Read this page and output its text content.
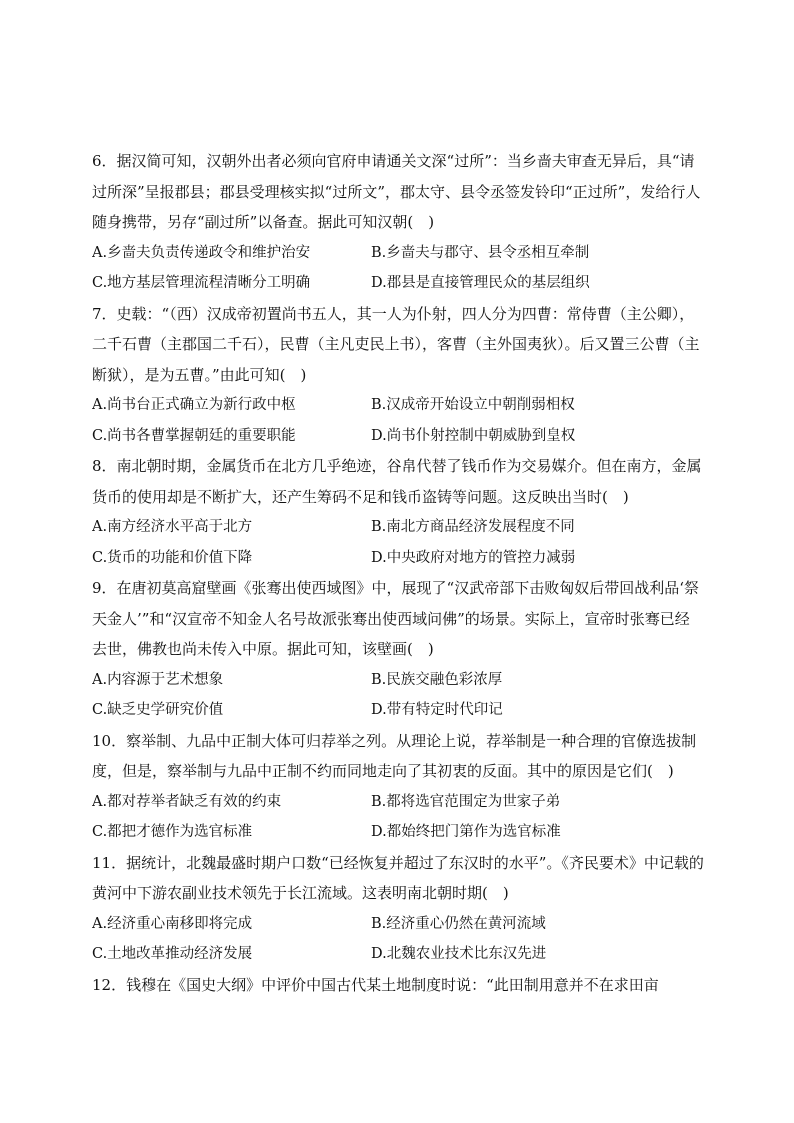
6．据汉简可知，汉朝外出者必须向官府申请通关文深“过所”：当乡啬夫审查无异后，具“请过所深”呈报郡县；郡县受理核实拟“过所文”，郡太守、县令丞签发铃印“正过所”，发给行人随身携带，另存“副过所”以备查。据此可知汉朝(　)

A.乡啬夫负责传递政令和维护治安	B.乡啬夫与郡守、县令丞相互牵制
C.地方基层管理流程清晰分工明确	D.郡县是直接管理民众的基层组织

7．史载：“（西）汉成帝初置尚书五人，其一人为仆射，四人分为四曹：常侍曹（主公卿），二千石曹（主郡国二千石），民曹（主凡吏民上书），客曹（主外国夷狄）。后又置三公曹（主断狱），是为五曹。”由此可知(　)

A.尚书台正式确立为新行政中枢	B.汉成帝开始设立中朝削弱相权
C.尚书各曹掌握朝廷的重要职能	D.尚书仆射控制中朝威胁到皇权

8．南北朝时期，金属货币在北方几乎绝迹，谷帛代替了钱币作为交易媒介。但在南方，金属货币的使用却是不断扩大，还产生筹码不足和钱币盗铸等问题。这反映出当时(　)

A.南方经济水平高于北方	B.南北方商品经济发展程度不同
C.货币的功能和价值下降	D.中央政府对地方的管控力减弱

9．在唐初莫高窟壁画《张骞出使西域图》中，展现了“汉武帝部下击败匈奴后带回战利品‘祭天金人’”和“汉宣帝不知金人名号故派张骞出使西域问佛”的场景。实际上，宣帝时张骞已经去世，佛教也尚未传入中原。据此可知，该壁画(　)

A.内容源于艺术想象	B.民族交融色彩浓厚
C.缺乏史学研究价值	D.带有特定时代印记

10．察举制、九品中正制大体可归荐举之列。从理论上说，荐举制是一种合理的官僚选拔制度，但是，察举制与九品中正制不约而同地走向了其初衷的反面。其中的原因是它们(　)

A.都对荐举者缺乏有效的约束	B.都将选官范围定为世家子弟
C.都把才德作为选官标准	D.都始终把门第作为选官标准

11．据统计，北魏最盛时期户口数“已经恢复并超过了东汉时的水平”。《齐民要术》中记载的黄河中下游农副业技术领先于长江流域。这表明南北朝时期(　)

A.经济重心南移即将完成	B.经济重心仍然在黄河流域
C.土地改革推动经济发展	D.北魏农业技术比东汉先进

12．钱穆在《国史大纲》中评价中国古代某土地制度时说：“此田制用意并不在求田亩
